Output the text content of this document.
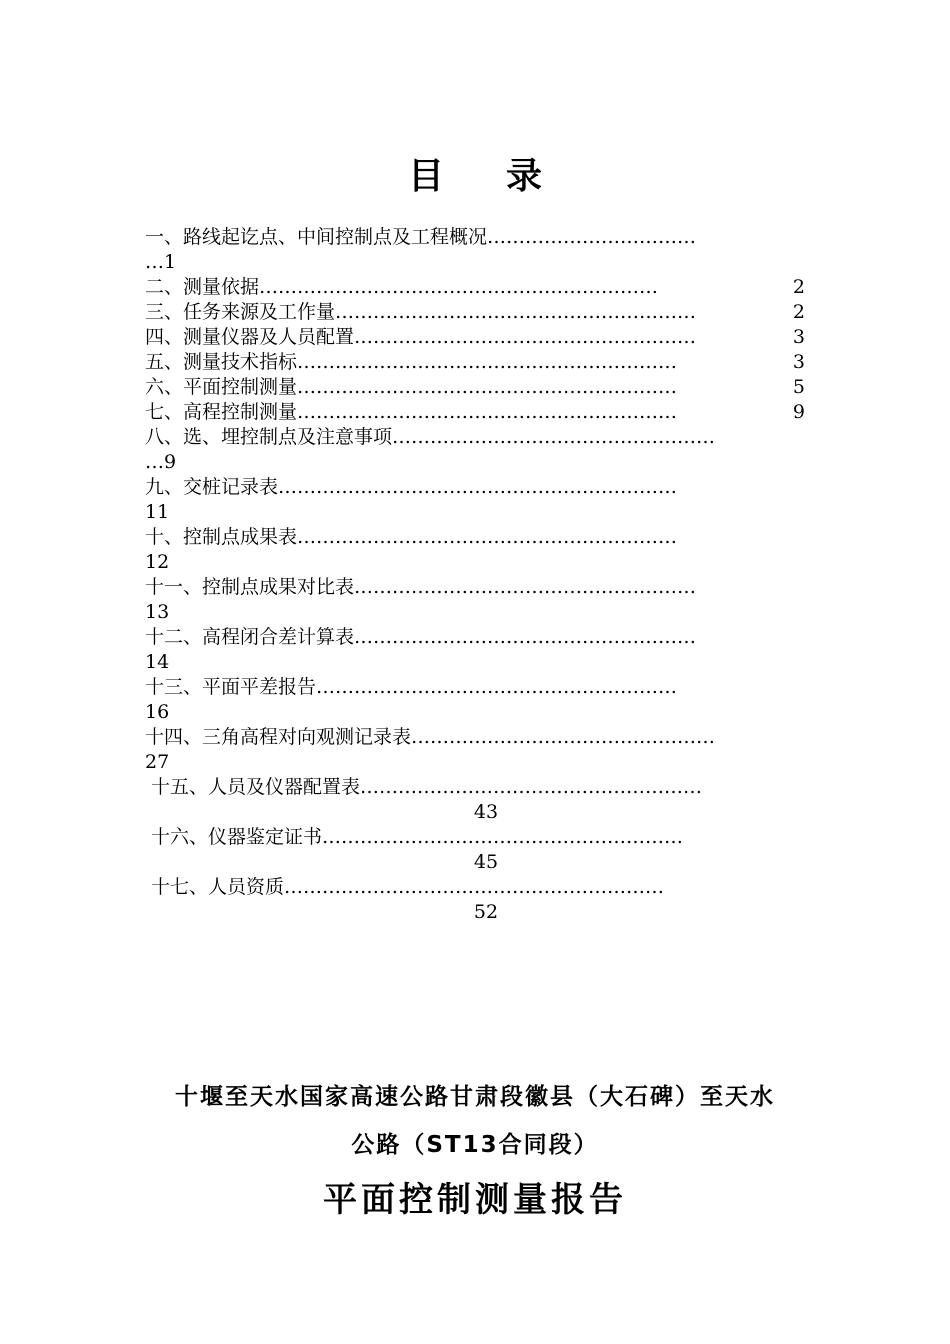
目 录
一、路线起讫点、中间控制点及工程概况……………………………
…1
二、测量依据………………………………………………………	2
三、任务来源及工作量…………………………………………………	2
四、测量仪器及人员配置………………………………………………	3
五、测量技术指标……………………………………………………	3
六、平面控制测量……………………………………………………	5
七、高程控制测量……………………………………………………	9
八、选、埋控制点及注意事项……………………………………………
…9
九、交桩记录表………………………………………………………
11
十、控制点成果表……………………………………………………
12
十一、控制点成果对比表………………………………………………
13
十二、高程闭合差计算表………………………………………………
14
十三、平面平差报告…………………………………………………
16
十四、三角高程对向观测记录表…………………………………………
27
十五、人员及仪器配置表………………………………………………
43
十六、仪器鉴定证书…………………………………………………
45
十七、人员资质……………………………………………………
52
十堰至天水国家高速公路甘肃段徽县（大石碑）至天水
公路（ST13合同段）
平面控制测量报告
